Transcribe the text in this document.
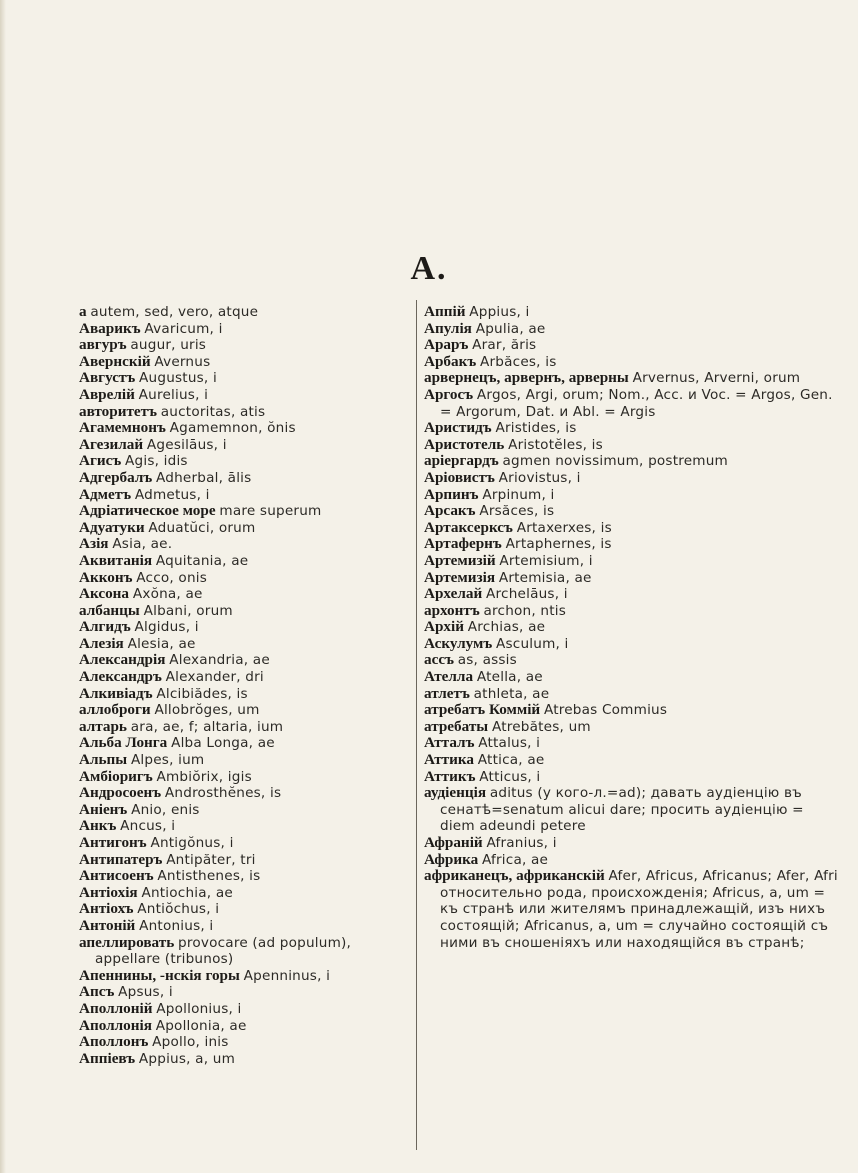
А.

а autem, sed, vero, atque

Аварикъ Avaricum, i

авгуръ augur, uris

Авернскій Avernus

Августъ Augustus, i

Аврелій Aurelius, i

авторитетъ auctoritas, atis

Агамемнонъ Agamemnon, ŏnis

Агезилай Agesilāus, i

Агисъ Agis, idis

Адгербалъ Adherbal, ālis

Адметъ Admetus, i

Адріатическое море mare superum

Адуатуки Aduatŭci, orum

Азія Asia, ae.

Аквитанія Aquitania, ae

Акконъ Acco, onis

Аксона Axŏna, ae

албанцы Albani, orum

Алгидъ Algidus, i

Алезія Alesia, ae

Александрія Alexandria, ae

Александръ Alexander, dri

Алкивіадъ Alcibiădes, is

аллоброги Allobrŏges, um

алтарь ara, ae, f; altaria, ium

Альба Лонга Alba Longa, ae

Альпы Alpes, ium

Амбіоригъ Ambiŏrix, igis

Андросоенъ Androsthĕnes, is

Аніенъ Anio, enis

Анкъ Ancus, i

Антигонъ Antigŏnus, i

Антипатеръ Antipăter, tri

Антисоенъ Antisthenes, is

Антіохія Antiochia, ae

Антіохъ Antiŏchus, i

Антоній Antonius, i

апеллировать provocare (ad populum), appellare (tribunos)

Апеннины, -нскія горы Apenninus, i

Апсъ Apsus, i

Аполлоній Apollonius, i

Аполлонія Apollonia, ae

Аполлонъ Apollo, inis

Аппіевъ Appius, a, um

Аппій Appius, i

Апулія Apulia, ae

Араръ Arar, ăris

Арбакъ Arbăces, is

арвернецъ, арвернъ, арверны Arvernus, Arverni, orum

Аргосъ Argos, Argi, orum; Nom., Acc. и Voc. = Argos, Gen. = Argorum, Dat. и Abl. = Argis

Аристидъ Aristides, is

Аристотель Aristotĕles, is

аріергардъ agmen novissimum, postremum

Аріовистъ Ariovistus, i

Арпинъ Arpinum, i

Арсакъ Arsăces, is

Артаксерксъ Artaxerxes, is

Артафернъ Artaphernes, is

Артемизій Artemisium, i

Артемизія Artemisia, ae

Архелай Archelāus, i

архонтъ archon, ntis

Архій Archias, ae

Аскулумъ Asculum, i

ассъ as, assis

Ателла Atella, ae

атлетъ athleta, ae

атребатъ Коммій Atrebas Commius

атребаты Atrebătes, um

Атталъ Attalus, i

Аттика Attica, ae

Аттикъ Atticus, i

аудіенція aditus (у кого-л.=ad); давать аудіенцію въ сенатѣ=senatum alicui dare; просить аудіенцію = diem adeundi petere

Афраній Afranius, i

Африка Africa, ae

африканецъ, африканскій Afer, Africus, Africanus; Afer, Afri относительно рода, происхожденія; Africus, a, um = къ странѣ или жителямъ принадлежащій, изъ нихъ состоящій; Africanus, a, um = случайно состоящій съ ними въ сношеніяхъ или находящійся въ странѣ;
